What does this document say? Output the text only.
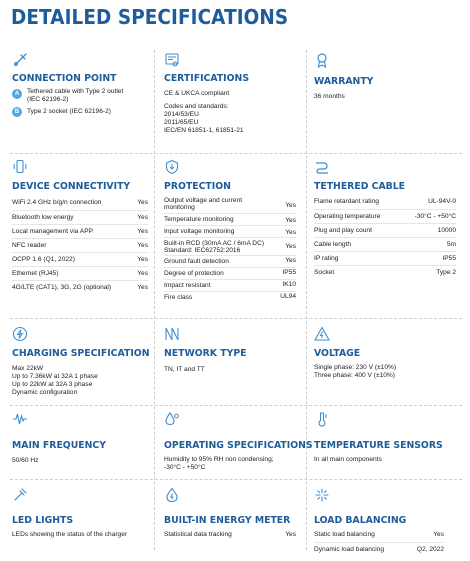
DETAILED SPECIFICATIONS
CONNECTION POINT
A	Tethered cable with Type 2 outlet
(IEC 62196-2)
B	Type 2 socket (IEC 62196-2)
CERTIFICATIONS
CE & UKCA compliant
Codes and standards:
2014/53/EU
2011/65/EU
IEC/EN 61851-1, 61851-21
WARRANTY
36 months
DEVICE CONNECTIVITY
WiFi 2.4 GHz b/g/n connection	Yes
Bluetooth low energy	Yes
Local management via APP	Yes
NFC reader	Yes
OCPP 1.6 (Q1, 2022)	Yes
Ethernet (RJ45)	Yes
4G/LTE (CAT1), 3G, 2G (optional)	Yes
PROTECTION
Output voltage and current
monitoring	Yes
Temperature monitoring	Yes
Input voltage monitoring	Yes
Built-in RCD (30mA AC / 6mA DC)
Standard: IEC62752:2016
Yes
Ground fault detection	Yes
Degree of protection	IP55
Impact resistant	IK10
Fire class	UL94
TETHERED CABLE
Flame retardant rating	UL-94V-0
Operating temperature	-30°C - +50°C
Plug and play count	10000
Cable length	5m
IP rating	IP55
Socket	Type 2
CHARGING SPECIFICATION
Max 22kW
Up to 7.36kW at 32A 1 phase
Up to 22kW at 32A 3 phase
Dynamic configuration
NETWORK TYPE
TN, IT and TT
VOLTAGE
Single phase: 230 V (±10%)
Three phase: 400 V (±10%)
MAIN FREQUENCY
50/60 Hz
OPERATING SPECIFICATIONS
Humidity to 95% RH non condensing;
-30°C - +50°C
TEMPERATURE SENSORS
In all main components
LED LIGHTS
LEDs showing the status of the charger
BUILT-IN ENERGY METER
Statistical data tracking	Yes
LOAD BALANCING
Static load balancing	Yes
Dynamic load balancing	Q2, 2022
